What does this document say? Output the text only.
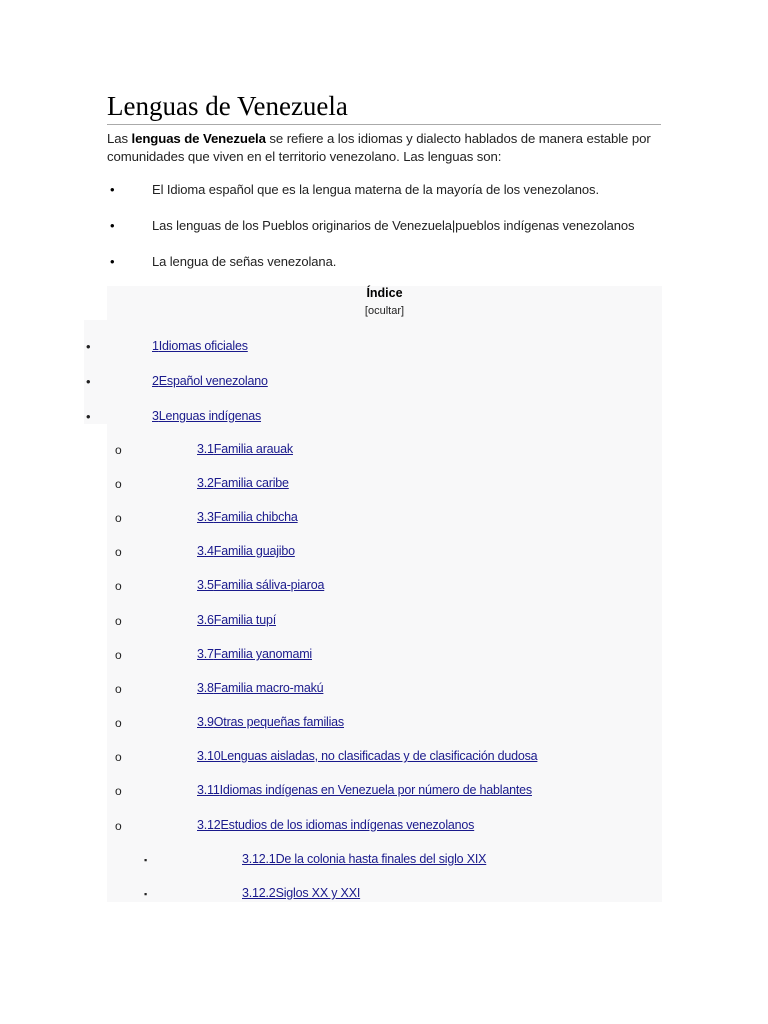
Lenguas de Venezuela

Las lenguas de Venezuela se refiere a los idiomas y dialecto hablados de manera estable por comunidades que viven en el territorio venezolano. Las lenguas son:

•	El Idioma español que es la lengua materna de la mayoría de los venezolanos.
•	Las lenguas de los Pueblos originarios de Venezuela|pueblos indígenas venezolanos
•	La lengua de señas venezolana.
Índice
[ocultar]
•	1Idiomas oficiales
•	2Español venezolano
•	3Lenguas indígenas
o	3.1Familia arauak
o	3.2Familia caribe
o	3.3Familia chibcha
o	3.4Familia guajibo
o	3.5Familia sáliva-piaroa
o	3.6Familia tupí
o	3.7Familia yanomami
o	3.8Familia macro-makú
o	3.9Otras pequeñas familias
o	3.10Lenguas aisladas, no clasificadas y de clasificación dudosa
o	3.11Idiomas indígenas en Venezuela por número de hablantes
o	3.12Estudios de los idiomas indígenas venezolanos
▪	3.12.1De la colonia hasta finales del siglo XIX
▪	3.12.2Siglos XX y XXI
